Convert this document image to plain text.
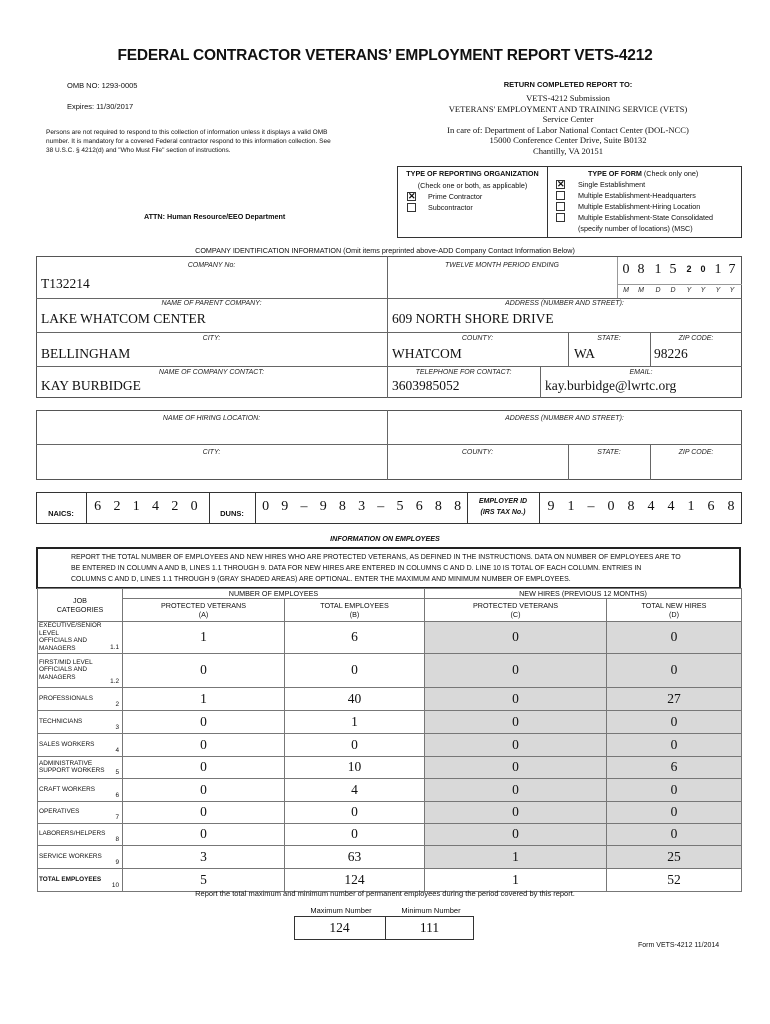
FEDERAL CONTRACTOR VETERANS’ EMPLOYMENT REPORT VETS-4212
OMB NO: 1293-0005
Expires: 11/30/2017
Persons are not required to respond to this collection of information unless it displays a valid OMB
number. It is mandatory for a covered Federal contractor respond to this information collection. See
38 U.S.C. § 4212(d) and "Who Must File" section of instructions.
RETURN COMPLETED REPORT TO:
VETS-4212 Submission
VETERANS' EMPLOYMENT AND TRAINING SERVICE (VETS)
Service Center
In care of: Department of Labor National Contact Center (DOL-NCC)
15000 Conference Center Drive, Suite B0132
Chantilly, VA 20151
TYPE OF REPORTING ORGANIZATION
(Check one or both, as applicable)
✕ Prime Contractor
Subcontractor
TYPE OF FORM (Check only one)
✕ Single Establishment
Multiple Establishment-Headquarters
Multiple Establishment-Hiring Location
Multiple Establishment-State Consolidated
(specify number of locations) (MSC)
ATTN: Human Resource/EEO Department
COMPANY IDENTIFICATION INFORMATION (Omit items preprinted above-ADD Company Contact Information Below)
COMPANY No:
T132214
TWELVE MONTH PERIOD ENDING	0 8 1 5	2 0 1 7
M	M	D	D	Y	Y	Y	Y
NAME OF PARENT COMPANY:
LAKE WHATCOM CENTER
ADDRESS (NUMBER AND STREET):
609 NORTH SHORE DRIVE
CITY:
BELLINGHAM
COUNTY:
WHATCOM
STATE:
WA
ZIP CODE:
98226
NAME OF COMPANY CONTACT:
KAY BURBIDGE
TELEPHONE FOR CONTACT:
3603985052
EMAIL:
kay.burbidge@lwrtc.org
NAME OF HIRING LOCATION:	ADDRESS (NUMBER AND STREET):
CITY:	COUNTY:	STATE:	ZIP CODE:
NAICS:	6 2 1 4 2 0	DUNS:	0 9 – 9 8 3 – 5 6 8 8	EMPLOYER ID
(IRS TAX No.)	9 1 – 0 8 4 4 1 6 8
INFORMATION ON EMPLOYEES
REPORT THE TOTAL NUMBER OF EMPLOYEES AND NEW HIRES WHO ARE PROTECTED VETERANS, AS DEFINED IN THE INSTRUCTIONS. DATA ON NUMBER OF EMPLOYEES ARE TO
BE ENTERED IN COLUMN A AND B, LINES 1.1 THROUGH 9. DATA FOR NEW HIRES ARE ENTERED IN COLUMNS C AND D. LINE 10 IS TOTAL OF EACH COLUMN. ENTRIES IN
COLUMNS C AND D, LINES 1.1 THROUGH 9 (GRAY SHADED AREAS) ARE OPTIONAL. ENTER THE MAXIMUM AND MINIMUM NUMBER OF EMPLOYEES.
JOB
CATEGORIES	NUMBER OF EMPLOYEES		NEW HIRES (PREVIOUS 12 MONTHS)	
	PROTECTED VETERANS
(A)	TOTAL EMPLOYEES
(B)	PROTECTED VETERANS
(C)	TOTAL NEW HIRES
(D)
EXECUTIVE/SENIOR LEVEL
OFFICIALS AND MANAGERS 1.1	1	6	0	0
FIRST/MID LEVEL
OFFICIALS AND
MANAGERS
1.2	0	0	0	0
PROFESSIONALS
2	1	40	0	27
TECHNICIANS
3	0	1	0	0
SALES WORKERS
4	0	0	0	0
ADMINISTRATIVE
SUPPORT WORKERS 5	0	10	0	6
CRAFT WORKERS
6	0	4	0	0
OPERATIVES
7	0	0	0	0
LABORERS/HELPERS
8	0	0	0	0
SERVICE WORKERS
9	3	63	1	25
TOTAL EMPLOYEES
10	5	124	1	52
Report the total maximum and minimum number of permanent employees during the period covered by this report.
Maximum Number	Minimum Number
124	111
Form VETS-4212 11/2014
